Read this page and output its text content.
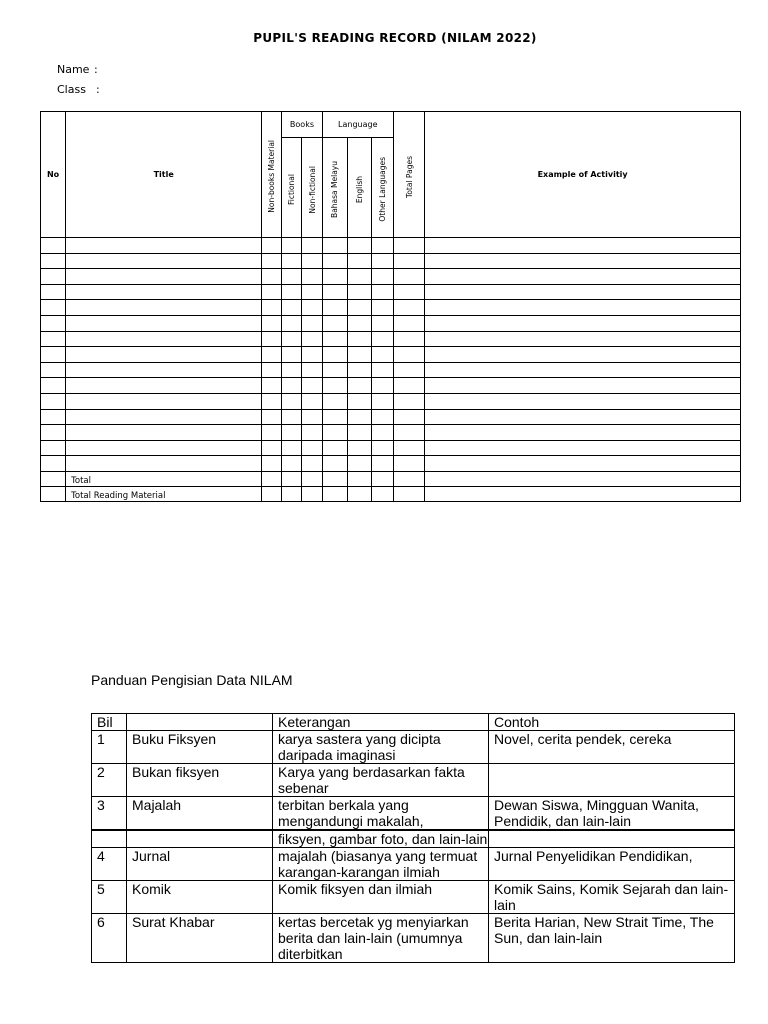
PUPIL'S READING RECORD (NILAM 2022)
Name :
Class :
No	Title	Non-books Material	Books		Language			Total Pages	Example of Activitiy

			Fictional	Non-fictional	Bahasa Melayu	English	Other Languages		

	Total								
	Total Reading Material								
Panduan Pengisian Data NILAM
Bil		Keterangan	Contoh
1	Buku Fiksyen	karya sastera yang dicipta daripada imaginasi	Novel, cerita pendek, cereka
2	Bukan fiksyen	Karya yang berdasarkan fakta sebenar	
3	Majalah	terbitan berkala yang mengandungi makalah,	Dewan Siswa, Mingguan Wanita, Pendidik, dan lain-lain
		fiksyen, gambar foto, dan lain-lain	
4	Jurnal	majalah (biasanya yang termuat karangan-karangan ilmiah	Jurnal Penyelidikan Pendidikan,
5	Komik	Komik fiksyen dan ilmiah	Komik Sains, Komik Sejarah dan lain-lain
6	Surat Khabar	kertas bercetak yg menyiarkan berita dan lain-lain (umumnya diterbitkan	Berita Harian, New Strait Time, The Sun, dan lain-lain
